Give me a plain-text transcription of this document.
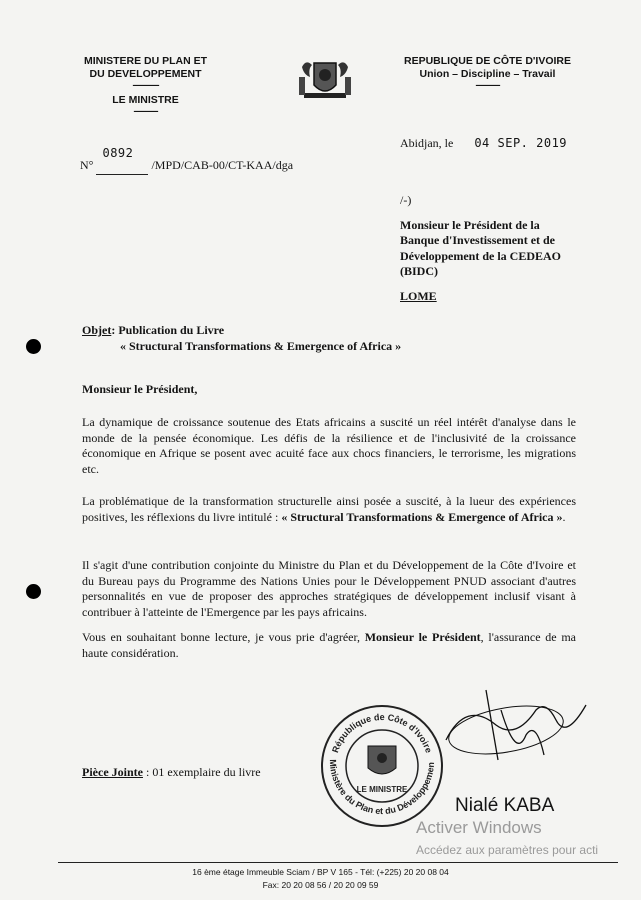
MINISTERE DU PLAN ET DU DEVELOPPEMENT
-------------
LE MINISTRE
------------
REPUBLIQUE DE CÔTE D'IVOIRE
Union – Discipline – Travail
------------
Abidjan, le 04 SEP. 2019
N°
0892
/MPD/CAB-00/CT-KAA/dga
/-)
Monsieur le Président de la
Banque d'Investissement et de
Développement de la CEDEAO
(BIDC)
LOME
Objet: Publication du Livre
« Structural Transformations & Emergence of Africa »
Monsieur le Président,
La dynamique de croissance soutenue des Etats africains a suscité un réel intérêt d'analyse dans le monde de la pensée économique. Les défis de la résilience et de l'inclusivité de la croissance économique en Afrique se posent avec acuité face aux chocs financiers, le terrorisme, les migrations etc.
La problématique de la transformation structurelle ainsi posée a suscité, à la lueur des expériences positives, les réflexions du livre intitulé : « Structural Transformations & Emergence of Africa ».
Il s'agit d'une contribution conjointe du Ministre du Plan et du Développement de la Côte d'Ivoire et du Bureau pays du Programme des Nations Unies pour le Développement PNUD associant d'autres personnalités en vue de proposer des approches stratégiques de développement inclusif visant à contribuer à l'atteinte de l'Emergence par les pays africains.
Vous en souhaitant bonne lecture, je vous prie d'agréer, Monsieur le Président, l'assurance de ma haute considération.
Pièce Jointe : 01 exemplaire du livre
République de Côte d'Ivoire
Ministère du Plan et du Développemen
LE MINISTRE
Nialé KABA
Activer Windows
Accédez aux paramètres pour acti
16 ème étage Immeuble Sciam / BP V 165 - Tél: (+225) 20 20 08 04
Fax: 20 20 08 56 / 20 20 09 59
